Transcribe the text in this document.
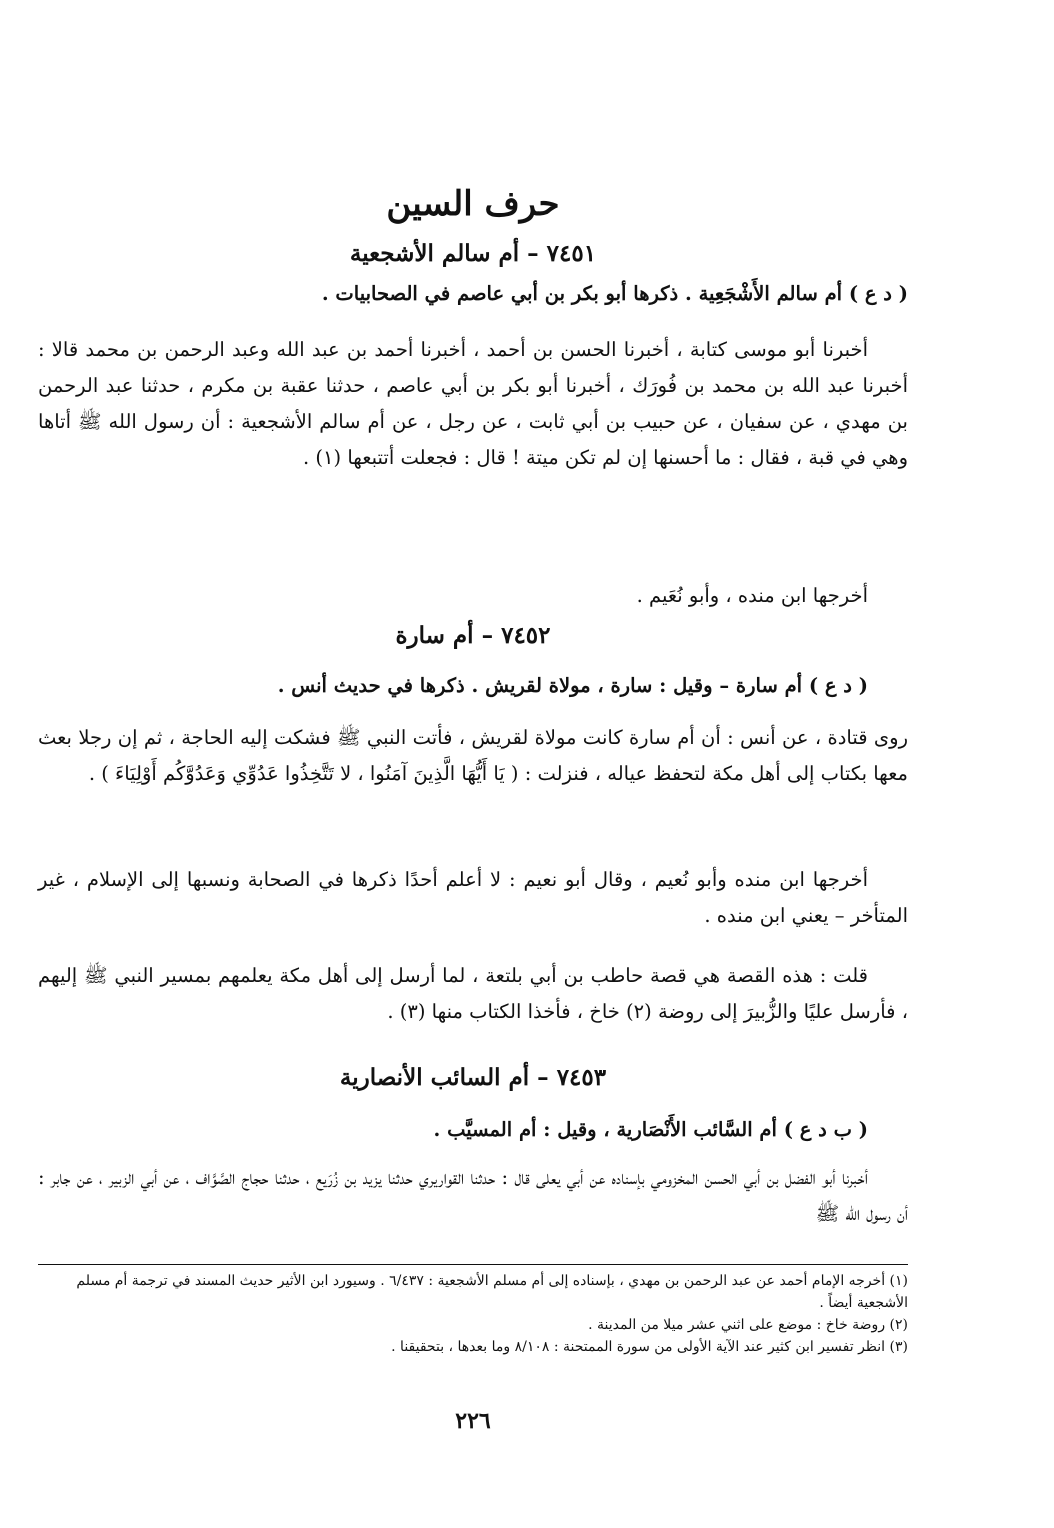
حرف السين
٧٤٥١ – أم سالم الأشجعية

( د ع ) أم سالم الأَشْجَعِية . ذكرها أبو بكر بن أبي عاصم في الصحابيات .

أخبرنا أبو موسى كتابة ، أخبرنا الحسن بن أحمد ، أخبرنا أحمد بن عبد الله وعبد الرحمن بن محمد قالا : أخبرنا عبد الله بن محمد بن فُورَك ، أخبرنا أبو بكر بن أبي عاصم ، حدثنا عقبة بن مكرم ، حدثنا عبد الرحمن بن مهدي ، عن سفيان ، عن حبيب بن أبي ثابت ، عن رجل ، عن أم سالم الأشجعية : أن رسول الله ﷺ أتاها وهي في قبة ، فقال : ما أحسنها إن لم تكن ميتة ! قال : فجعلت أتتبعها (١) .

أخرجها ابن منده ، وأبو نُعَيم .

٧٤٥٢ – أم سارة

( د ع ) أم سارة – وقيل : سارة ، مولاة لقريش . ذكرها في حديث أنس .

روى قتادة ، عن أنس : أن أم سارة كانت مولاة لقريش ، فأتت النبي ﷺ فشكت إليه الحاجة ، ثم إن رجلا بعث معها بكتاب إلى أهل مكة لتحفظ عياله ، فنزلت : ( يَا أَيُّهَا الَّذِينَ آمَنُوا ، لا تَتَّخِذُوا عَدُوِّي وَعَدُوَّكُم أَوْلِيَاءَ ) .

أخرجها ابن منده وأبو نُعيم ، وقال أبو نعيم : لا أعلم أحدًا ذكرها في الصحابة ونسبها إلى الإسلام ، غير المتأخر – يعني ابن منده .

قلت : هذه القصة هي قصة حاطب بن أبي بلتعة ، لما أرسل إلى أهل مكة يعلمهم بمسير النبي ﷺ إليهم ، فأرسل عليًا والزُّبيرَ إلى روضة (٢) خاخ ، فأخذا الكتاب منها (٣) .

٧٤٥٣ – أم السائب الأنصارية

( ب د ع ) أم السَّائب الأَنْصَارية ، وقيل : أم المسيَّب .

أخبرنا أبو الفضل بن أبي الحسن المخزومي بإسناده عن أبي يعلى قال : حدثنا القواريري حدثنا يزيد بن زُرَيع ، حدثنا حجاج الصَّوَّاف ، عن أبي الزبير ، عن جابر : أن رسول الله ﷺ

(١) أخرجه الإمام أحمد عن عبد الرحمن بن مهدي ، بإسناده إلى أم مسلم الأشجعية : ٦/٤٣٧ . وسيورد ابن الأثير حديث المسند في ترجمة أم مسلم الأشجعية أيضاً .
(٢) روضة خاخ : موضع على اثني عشر ميلا من المدينة .
(٣) انظر تفسير ابن كثير عند الآية الأولى من سورة الممتحنة : ٨/١٠٨ وما بعدها ، بتحقيقنا .
٢٢٦
